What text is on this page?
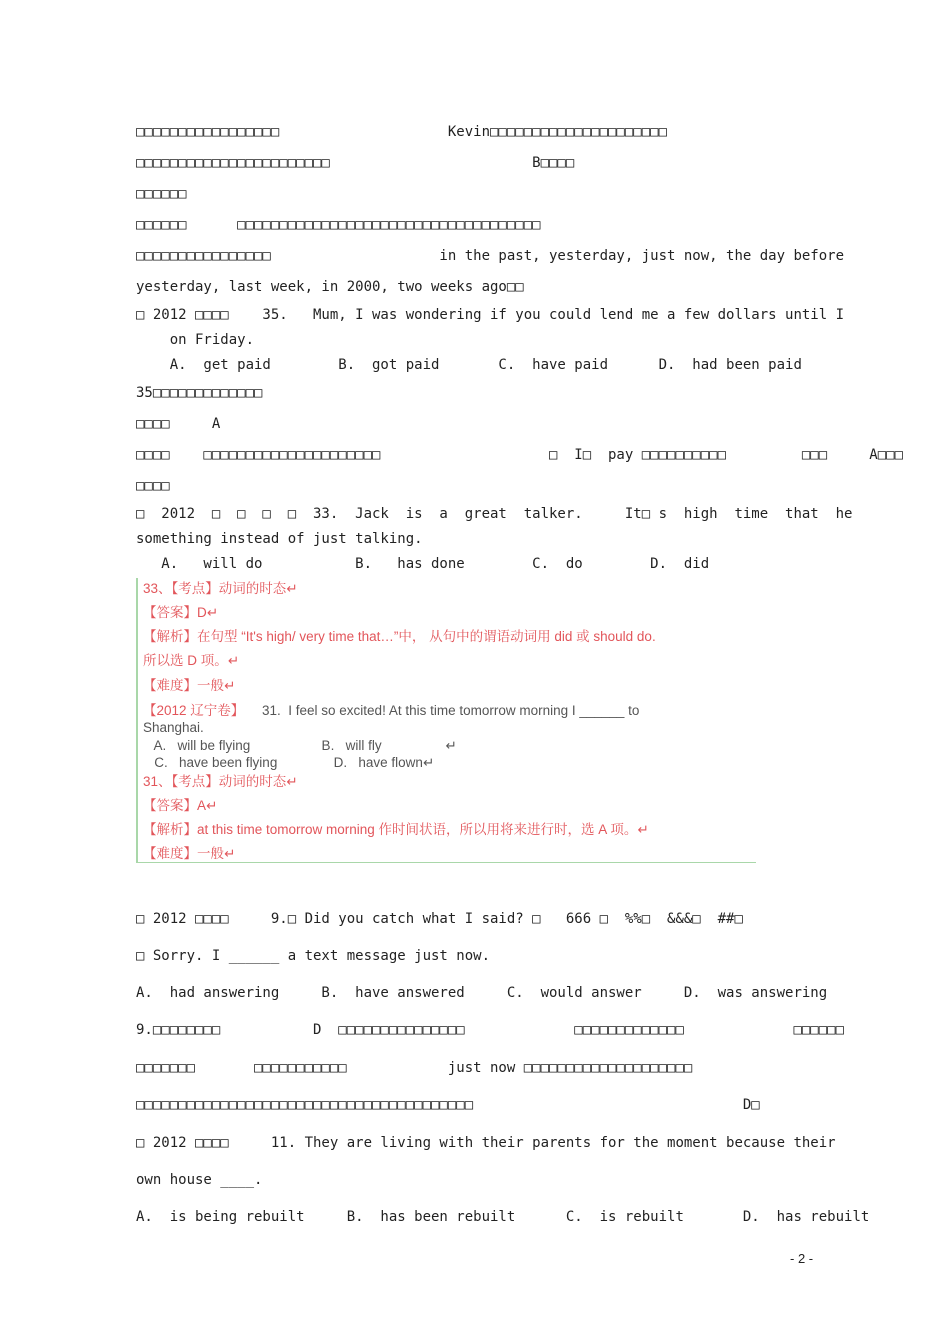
□□□□□□□□□□□□□□□□□                    Kevin□□□□□□□□□□□□□□□□□□□□□
□□□□□□□□□□□□□□□□□□□□□□□                        B□□□□
□□□□□□
□□□□□□      □□□□□□□□□□□□□□□□□□□□□□□□□□□□□□□□□□□□
□□□□□□□□□□□□□□□□                    in the past, yesterday, just now, the day before
yesterday, last week, in 2000, two weeks ago□□
□ 2012 □□□□    35.   Mum, I was wondering if you could lend me a few dollars until I
on Friday.
A.  get paid        B.  got paid       C.  have paid      D.  had been paid
35□□□□□□□□□□□□□
□□□□     A
□□□□    □□□□□□□□□□□□□□□□□□□□□                    □  I□  pay □□□□□□□□□□         □□□     A□□□
□□□□
□  2012  □  □  □  □  33.  Jack  is  a  great  talker.     It□ s  high  time  that  he
something instead of just talking.
A.   will do           B.   has done        C.  do        D.  did
33、【考点】动词的时态↵
【答案】D↵
【解析】在句型 “It's high/ very time that…”中， 从句中的谓语动词用 did 或 should do.
所以选 D 项。↵
【难度】一般↵
【2012 辽宁卷】 31.  I feel so excited! At this time tomorrow morning I ______ to
Shanghai.
A.   will be flying                   B.   will fly                 ↵
C.   have been flying               D.   have flown↵
31、【考点】动词的时态↵
【答案】A↵
【解析】at this time tomorrow morning 作时间状语，所以用将来进行时，选 A 项。↵
【难度】一般↵
□ 2012 □□□□     9.□ Did you catch what I said? □   666 □  %%□  &&&□  ##□
□ Sorry. I ______ a text message just now.
A.  had answering     B.  have answered     C.  would answer     D.  was answering
9.□□□□□□□□           D  □□□□□□□□□□□□□□□             □□□□□□□□□□□□□             □□□□□□
□□□□□□□       □□□□□□□□□□□            just now □□□□□□□□□□□□□□□□□□□□
□□□□□□□□□□□□□□□□□□□□□□□□□□□□□□□□□□□□□□□□                                D□
□ 2012 □□□□     11. They are living with their parents for the moment because their
own house ____.
A.  is being rebuilt     B.  has been rebuilt      C.  is rebuilt       D.  has rebuilt
- 2 -
